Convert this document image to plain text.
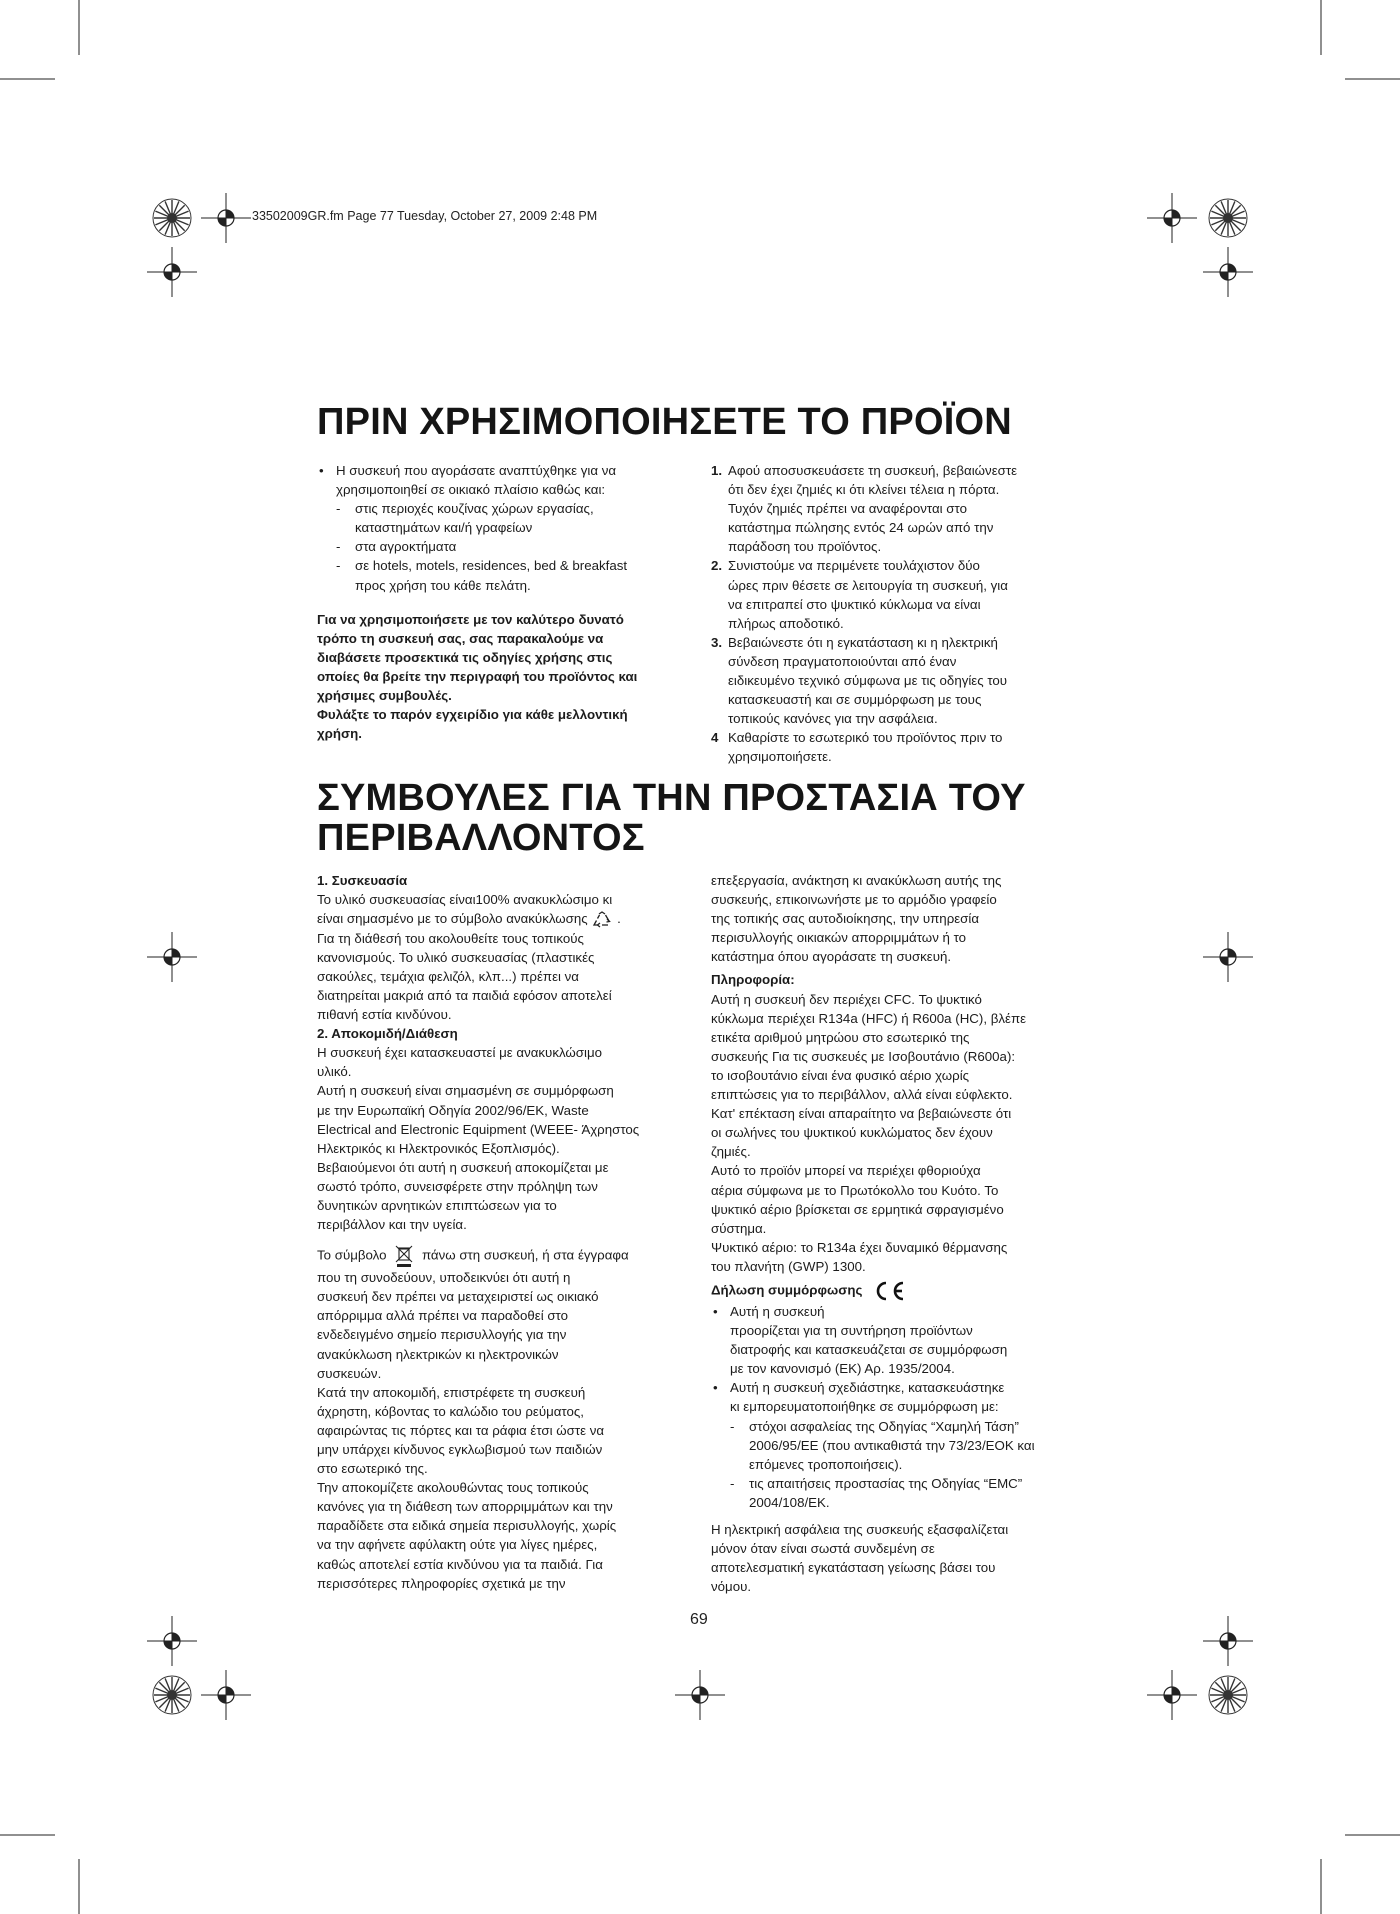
33502009GR.fm Page 77 Tuesday, October 27, 2009 2:48 PM
ΠΡΙΝ ΧΡΗΣΙΜΟΠΟΙΗΣΕΤΕ ΤΟ ΠΡΟΪΟΝ
• Η συσκευή που αγοράσατε αναπτύχθηκε για να
χρησιμοποιηθεί σε οικιακό πλαίσιο καθώς και:
- στις περιοχές κουζίνας χώρων εργασίας,
καταστημάτων και/ή γραφείων
- στα αγροκτήματα
- σε hotels, motels, residences, bed & breakfast
προς χρήση του κάθε πελάτη.
Για να χρησιμοποιήσετε με τον καλύτερο δυνατό
τρόπο τη συσκευή σας, σας παρακαλούμε να
διαβάσετε προσεκτικά τις οδηγίες χρήσης στις
οποίες θα βρείτε την περιγραφή του προϊόντος και
χρήσιμες συμβουλές.
Φυλάξτε το παρόν εγχειρίδιο για κάθε μελλοντική
χρήση.
1. Αφού αποσυσκευάσετε τη συσκευή, βεβαιώνεστε
ότι δεν έχει ζημιές κι ότι κλείνει τέλεια η πόρτα.
Τυχόν ζημιές πρέπει να αναφέρονται στο
κατάστημα πώλησης εντός 24 ωρών από την
παράδοση του προϊόντος.
2. Συνιστούμε να περιμένετε τουλάχιστον δύο
ώρες πριν θέσετε σε λειτουργία τη συσκευή, για
να επιτραπεί στο ψυκτικό κύκλωμα να είναι
πλήρως αποδοτικό.
3. Βεβαιώνεστε ότι η εγκατάσταση κι η ηλεκτρική
σύνδεση πραγματοποιούνται από έναν
ειδικευμένο τεχνικό σύμφωνα με τις οδηγίες του
κατασκευαστή και σε συμμόρφωση με τους
τοπικούς κανόνες για την ασφάλεια.
4 Καθαρίστε το εσωτερικό του προϊόντος πριν το
χρησιμοποιήσετε.
ΣΥΜΒΟΥΛΕΣ ΓΙΑ ΤΗΝ ΠΡΟΣΤΑΣΙΑ ΤΟΥ
ΠΕΡΙΒΑΛΛΟΝΤΟΣ
1. Συσκευασία
Το υλικό συσκευασίας είναι100% ανακυκλώσιμο κι
είναι σημασμένο με το σύμβολο ανακύκλωσης .
Για τη διάθεσή του ακολουθείτε τους τοπικούς
κανονισμούς. Το υλικό συσκευασίας (πλαστικές
σακούλες, τεμάχια φελιζόλ, κλπ...) πρέπει να
διατηρείται μακριά από τα παιδιά εφόσον αποτελεί
πιθανή εστία κινδύνου.
2. Αποκομιδή/Διάθεση
Η συσκευή έχει κατασκευαστεί με ανακυκλώσιμο
υλικό.
Αυτή η συσκευή είναι σημασμένη σε συμμόρφωση
με την Ευρωπαϊκή Οδηγία 2002/96/EK, Waste
Electrical and Electronic Equipment (WEEE- Άχρηστος
Ηλεκτρικός κι Ηλεκτρονικός Εξοπλισμός).
Βεβαιούμενοι ότι αυτή η συσκευή αποκομίζεται με
σωστό τρόπο, συνεισφέρετε στην πρόληψη των
δυνητικών αρνητικών επιπτώσεων για το
περιβάλλον και την υγεία.
Το σύμβολο	πάνω στη συσκευή, ή στα έγγραφα
που τη συνοδεύουν, υποδεικνύει ότι αυτή η
συσκευή δεν πρέπει να μεταχειριστεί ως οικιακό
απόρριμμα αλλά πρέπει να παραδοθεί στο
ενδεδειγμένο σημείο περισυλλογής για την
ανακύκλωση ηλεκτρικών κι ηλεκτρονικών
συσκευών.
Κατά την αποκομιδή, επιστρέφετε τη συσκευή
άχρηστη, κόβοντας το καλώδιο του ρεύματος,
αφαιρώντας τις πόρτες και τα ράφια έτσι ώστε να
μην υπάρχει κίνδυνος εγκλωβισμού των παιδιών
στο εσωτερικό της.
Την αποκομίζετε ακολουθώντας τους τοπικούς
κανόνες για τη διάθεση των απορριμμάτων και την
παραδίδετε στα ειδικά σημεία περισυλλογής, χωρίς
να την αφήνετε αφύλακτη ούτε για λίγες ημέρες,
καθώς αποτελεί εστία κινδύνου για τα παιδιά. Για
περισσότερες πληροφορίες σχετικά με την
επεξεργασία, ανάκτηση κι ανακύκλωση αυτής της
συσκευής, επικοινωνήστε με το αρμόδιο γραφείο
της τοπικής σας αυτοδιοίκησης, την υπηρεσία
περισυλλογής οικιακών απορριμμάτων ή το
κατάστημα όπου αγοράσατε τη συσκευή.
Πληροφορία:
Αυτή η συσκευή δεν περιέχει CFC. Το ψυκτικό
κύκλωμα περιέχει R134a (HFC) ή R600a (HC), βλέπε
ετικέτα αριθμού μητρώου στο εσωτερικό της
συσκευής Για τις συσκευές με Ισοβουτάνιο (R600a):
το ισοβουτάνιο είναι ένα φυσικό αέριο χωρίς
επιπτώσεις για το περιβάλλον, αλλά είναι εύφλεκτο.
Κατ' επέκταση είναι απαραίτητο να βεβαιώνεστε ότι
οι σωλήνες του ψυκτικού κυκλώματος δεν έχουν
ζημιές.
Αυτό το προϊόν μπορεί να περιέχει φθοριούχα
αέρια σύμφωνα με το Πρωτόκολλο του Κυότο. Το
ψυκτικό αέριο βρίσκεται σε ερμητικά σφραγισμένο
σύστημα.
Ψυκτικό αέριο: το R134a έχει δυναμικό θέρμανσης
του πλανήτη (GWP) 1300.
Δήλωση συμμόρφωσης
• Αυτή η συσκευή
προορίζεται για τη συντήρηση προϊόντων
διατροφής και κατασκευάζεται σε συμμόρφωση
με τον κανονισμό (ΕΚ) Αρ. 1935/2004.
• Αυτή η συσκευή σχεδιάστηκε, κατασκευάστηκε
κι εμπορευματοποιήθηκε σε συμμόρφωση με:
- στόχοι ασφαλείας της Οδηγίας “Χαμηλή Τάση”
2006/95/ΕΕ (που αντικαθιστά την 73/23/ΕΟΚ και
επόμενες τροποποιήσεις).
- τις απαιτήσεις προστασίας της Οδηγίας “EMC”
2004/108/EK.
Η ηλεκτρική ασφάλεια της συσκευής εξασφαλίζεται
μόνον όταν είναι σωστά συνδεμένη σε
αποτελεσματική εγκατάσταση γείωσης βάσει του
νόμου.
69
